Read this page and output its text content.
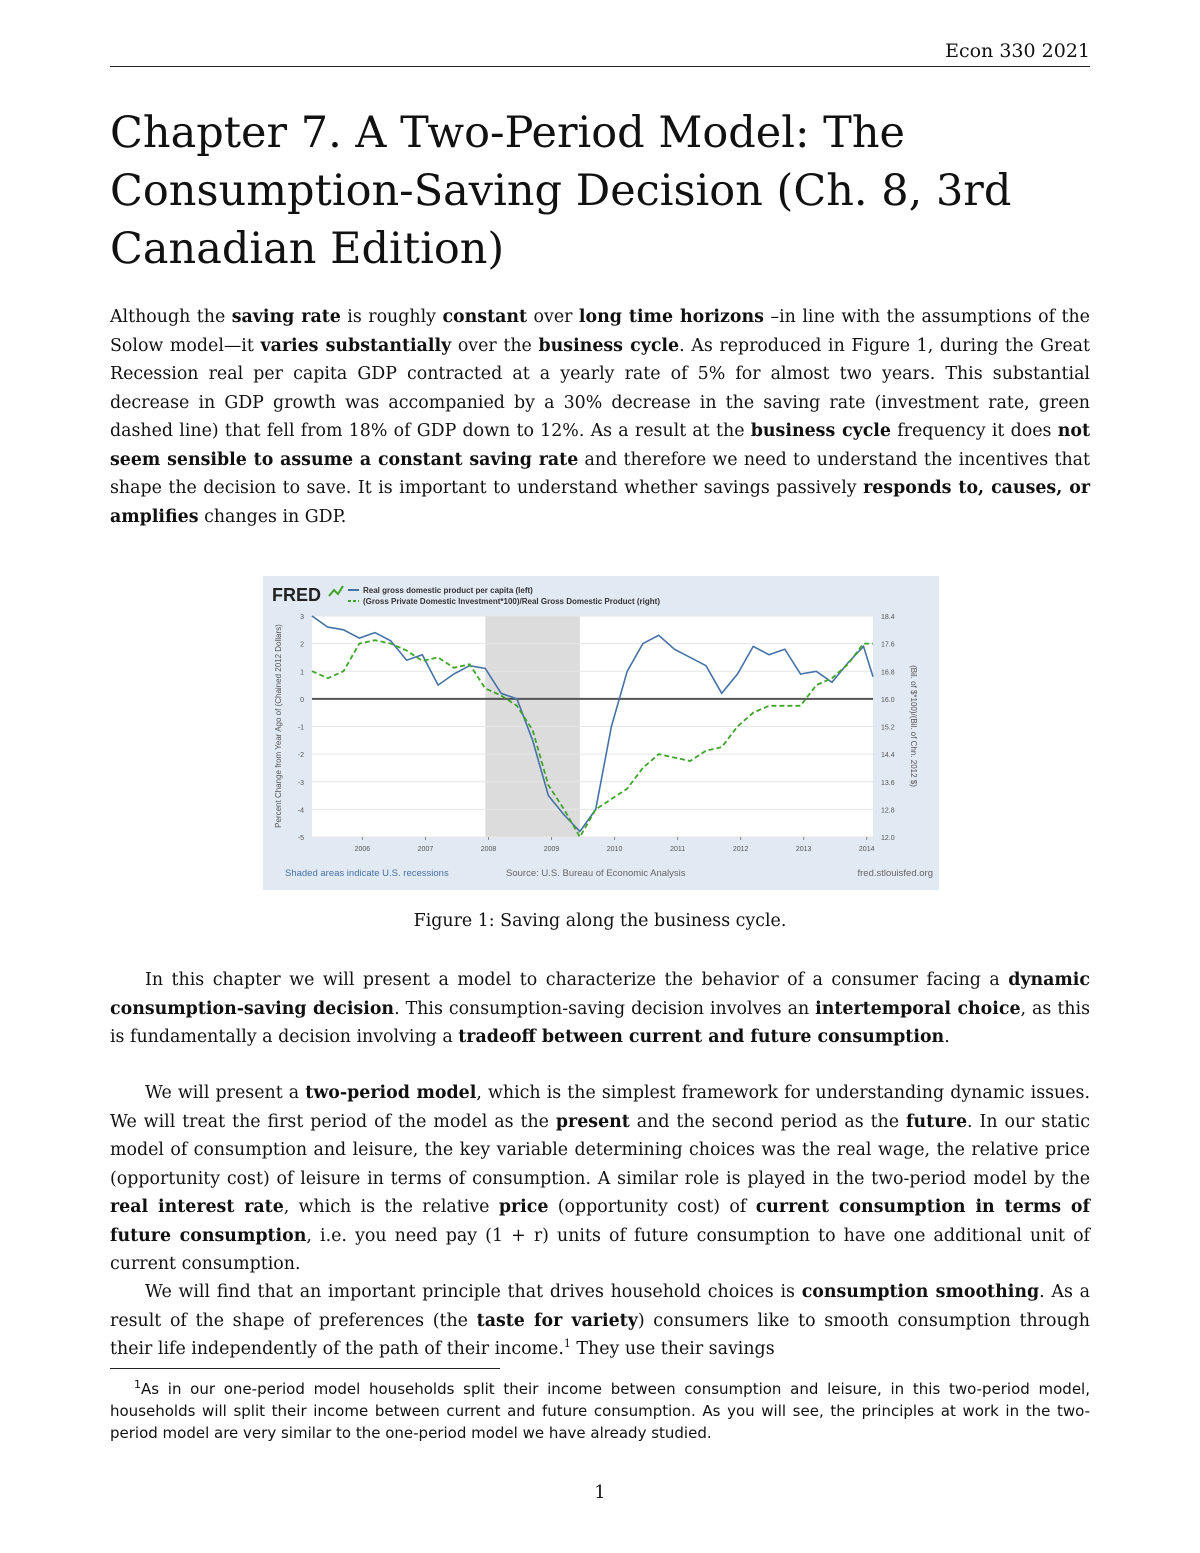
Econ 330 2021
Chapter 7. A Two-Period Model: The Consumption-Saving Decision (Ch. 8, 3rd Canadian Edition)

Although the saving rate is roughly constant over long time horizons –in line with the assumptions of the Solow model—it varies substantially over the business cycle. As reproduced in Figure 1, during the Great Recession real per capita GDP contracted at a yearly rate of 5% for almost two years. This substantial decrease in GDP growth was accompanied by a 30% decrease in the saving rate (investment rate, green dashed line) that fell from 18% of GDP down to 12%. As a result at the business cycle frequency it does not seem sensible to assume a constant saving rate and therefore we need to understand the incentives that shape the decision to save. It is important to understand whether savings passively responds to, causes, or amplifies changes in GDP.

FRED	Real gross domestic product per capita (left)
(Gross Private Domestic Investment*100)/Real Gross Domestic Product (right)
3
2
1
0
-1
-2
-3
-4
-5
18.4
17.6
16.8
16.0
15.2
14.4
13.6
12.8
12.0
2006	2007	2008	2009	2010	2011	2012	2013	2014
Percent Change from Year Ago of (Chained 2012 Dollars)	(Bil. of $*100)/(Bil. of Chn. 2012 $)
Shaded areas indicate U.S. recessions	Source: U.S. Bureau of Economic Analysis	fred.stlouisfed.org
Figure 1: Saving along the business cycle.

In this chapter we will present a model to characterize the behavior of a consumer facing a dynamic consumption-saving decision. This consumption-saving decision involves an intertemporal choice, as this is fundamentally a decision involving a tradeoff between current and future consumption.

We will present a two-period model, which is the simplest framework for understanding dynamic issues. We will treat the first period of the model as the present and the second period as the future. In our static model of consumption and leisure, the key variable determining choices was the real wage, the relative price (opportunity cost) of leisure in terms of consumption. A similar role is played in the two-period model by the real interest rate, which is the relative price (opportunity cost) of current consumption in terms of future consumption, i.e. you need pay (1 + r) units of future consumption to have one additional unit of current consumption.

We will find that an important principle that drives household choices is consumption smoothing. As a result of the shape of preferences (the taste for variety) consumers like to smooth consumption through their life independently of the path of their income.$^1$ They use their savings

$^1$As in our one-period model households split their income between consumption and leisure, in this two-period model, households will split their income between current and future consumption. As you will see, the principles at work in the two-period model are very similar to the one-period model we have already studied.

1
